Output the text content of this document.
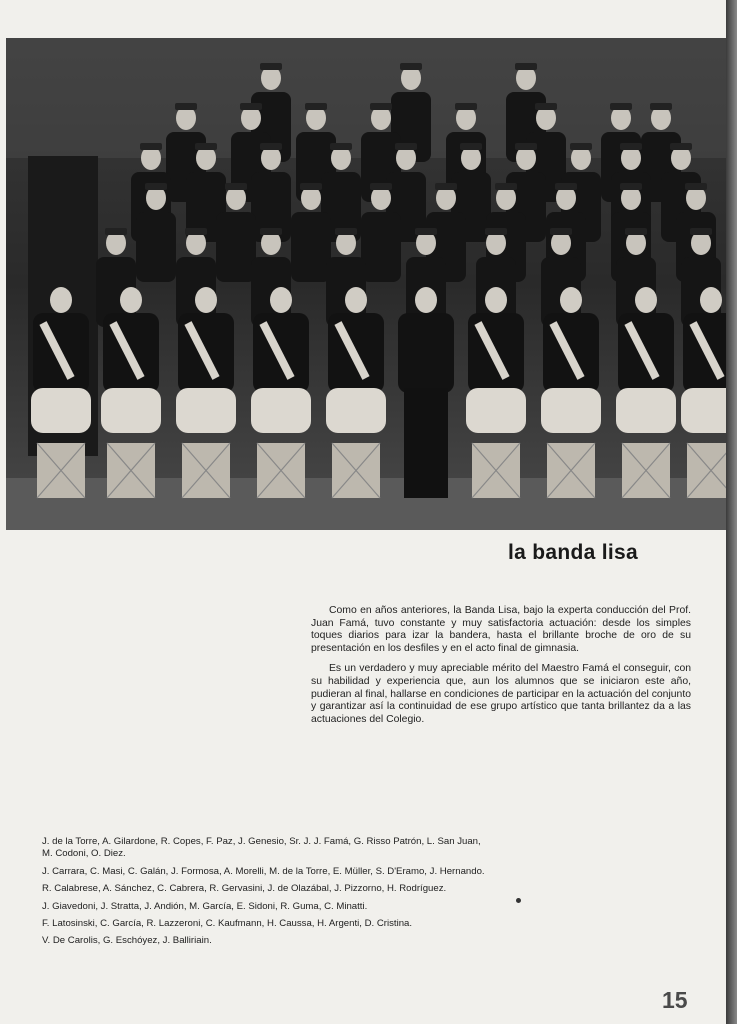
la banda lisa

Como en años anteriores, la Banda Lisa, bajo la experta conducción del Prof. Juan Famá, tuvo constante y muy satisfactoria actuación: desde los simples toques diarios para izar la bandera, hasta el brillante broche de oro de su presentación en los desfiles y en el acto final de gimnasia.

Es un verdadero y muy apreciable mérito del Maestro Famá el conseguir, con su habilidad y experiencia que, aun los alumnos que se iniciaron este año, pudieran al final, hallarse en condiciones de participar en la actuación del conjunto y garantizar así la continuidad de ese grupo artístico que tanta brillantez da a las actuaciones del Colegio.

J. de la Torre, A. Gilardone, R. Copes, F. Paz, J. Genesio, Sr. J. J. Famá, G. Risso Patrón, L. San Juan, M. Codoni, O. Diez.
J. Carrara, C. Masi, C. Galán, J. Formosa, A. Morelli, M. de la Torre, E. Müller, S. D'Eramo, J. Hernando.
R. Calabrese, A. Sánchez, C. Cabrera, R. Gervasini, J. de Olazábal, J. Pizzorno, H. Rodríguez.
J. Giavedoni, J. Stratta, J. Andión, M. García, E. Sidoni, R. Guma, C. Minatti.
F. Latosinski, C. García, R. Lazzeroni, C. Kaufmann, H. Caussa, H. Argenti, D. Cristina.
V. De Carolis, G. Eschóyez, J. Balliriain.
15
